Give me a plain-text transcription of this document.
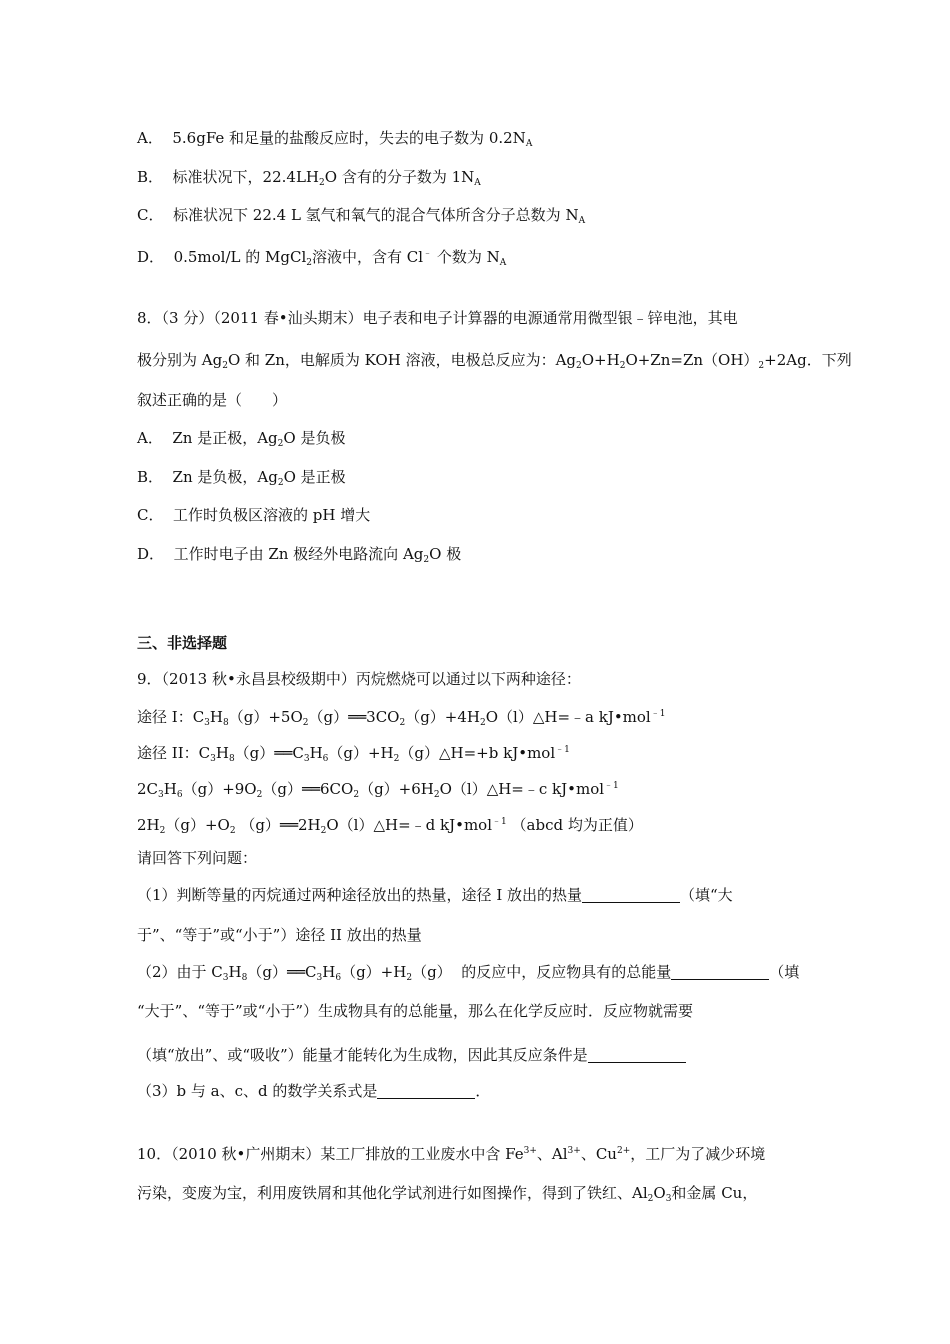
A．  5.6gFe 和足量的盐酸反应时，失去的电子数为 $0.2N_A$
B．  标准状况下，$22.4LH_2O$ 含有的分子数为 $1N_A$
C．  标准状况下 22.4 L 氢气和氧气的混合气体所含分子总数为 $N_A$
D．  0.5mol/L 的 MgCl$_2$溶液中，含有 Cl﹣ 个数为 $N_A$
8．（3 分）（2011 春•汕头期末）电子表和电子计算器的电源通常用微型银﹣锌电池，其电
极分别为 $Ag_2O$ 和 Zn，电解质为 KOH 溶液，电极总反应为：$Ag_2O+H_2O+Zn=Zn(OH)_2+2Ag$．下列
叙述正确的是（　　）
A．  Zn 是正极，$Ag_2O$ 是负极
B．  Zn 是负极，$Ag_2O$ 是正极
C．  工作时负极区溶液的 pH 增大
D．  工作时电子由 Zn 极经外电路流向 $Ag_2O$ 极
三、非选择题
9．（2013 秋•永昌县校级期中）丙烷燃烧可以通过以下两种途径：
途径 I：$C_3H_8(g)+5O_2(g)══3CO_2(g)+4H_2O(l)\triangle H=﹣a$ kJ•mol$^{﹣1}$
途径 II：$C_3H_8(g)══C_3H_6(g)+H_2(g)\triangle H=+b$ kJ•mol$^{﹣1}$
$2C_3H_6(g)+9O_2(g)══6CO_2(g)+6H_2O(l)\triangle H=﹣c$ kJ•mol$^{﹣1}$
$2H_2(g)+O_2$ $(g)══2H_2O(l)\triangle H=﹣d$ kJ•mol$^{﹣1}$ （abcd 均为正值）
请回答下列问题：
（1）判断等量的丙烷通过两种途径放出的热量，途径 I 放出的热量	（填“大
于”、“等于”或“小于”）途径 II 放出的热量
（2）由于 $C_3H_8(g)══C_3H_6(g)+H_2(g)$  的反应中，反应物具有的总能量	（填
“大于”、“等于”或“小于”）生成物具有的总能量，那么在化学反应时．反应物就需要
（填“放出”、或“吸收”）能量才能转化为生成物，因此其反应条件是
（3）b 与 a、c、d 的数学关系式是	．
10．（2010 秋•广州期末）某工厂排放的工业废水中含 $Fe^{3+}$、$Al^{3+}$、$Cu^{2+}$，工厂为了减少环境
污染，变废为宝，利用废铁屑和其他化学试剂进行如图操作，得到了铁红、$Al_2O_3$和金属 Cu，
